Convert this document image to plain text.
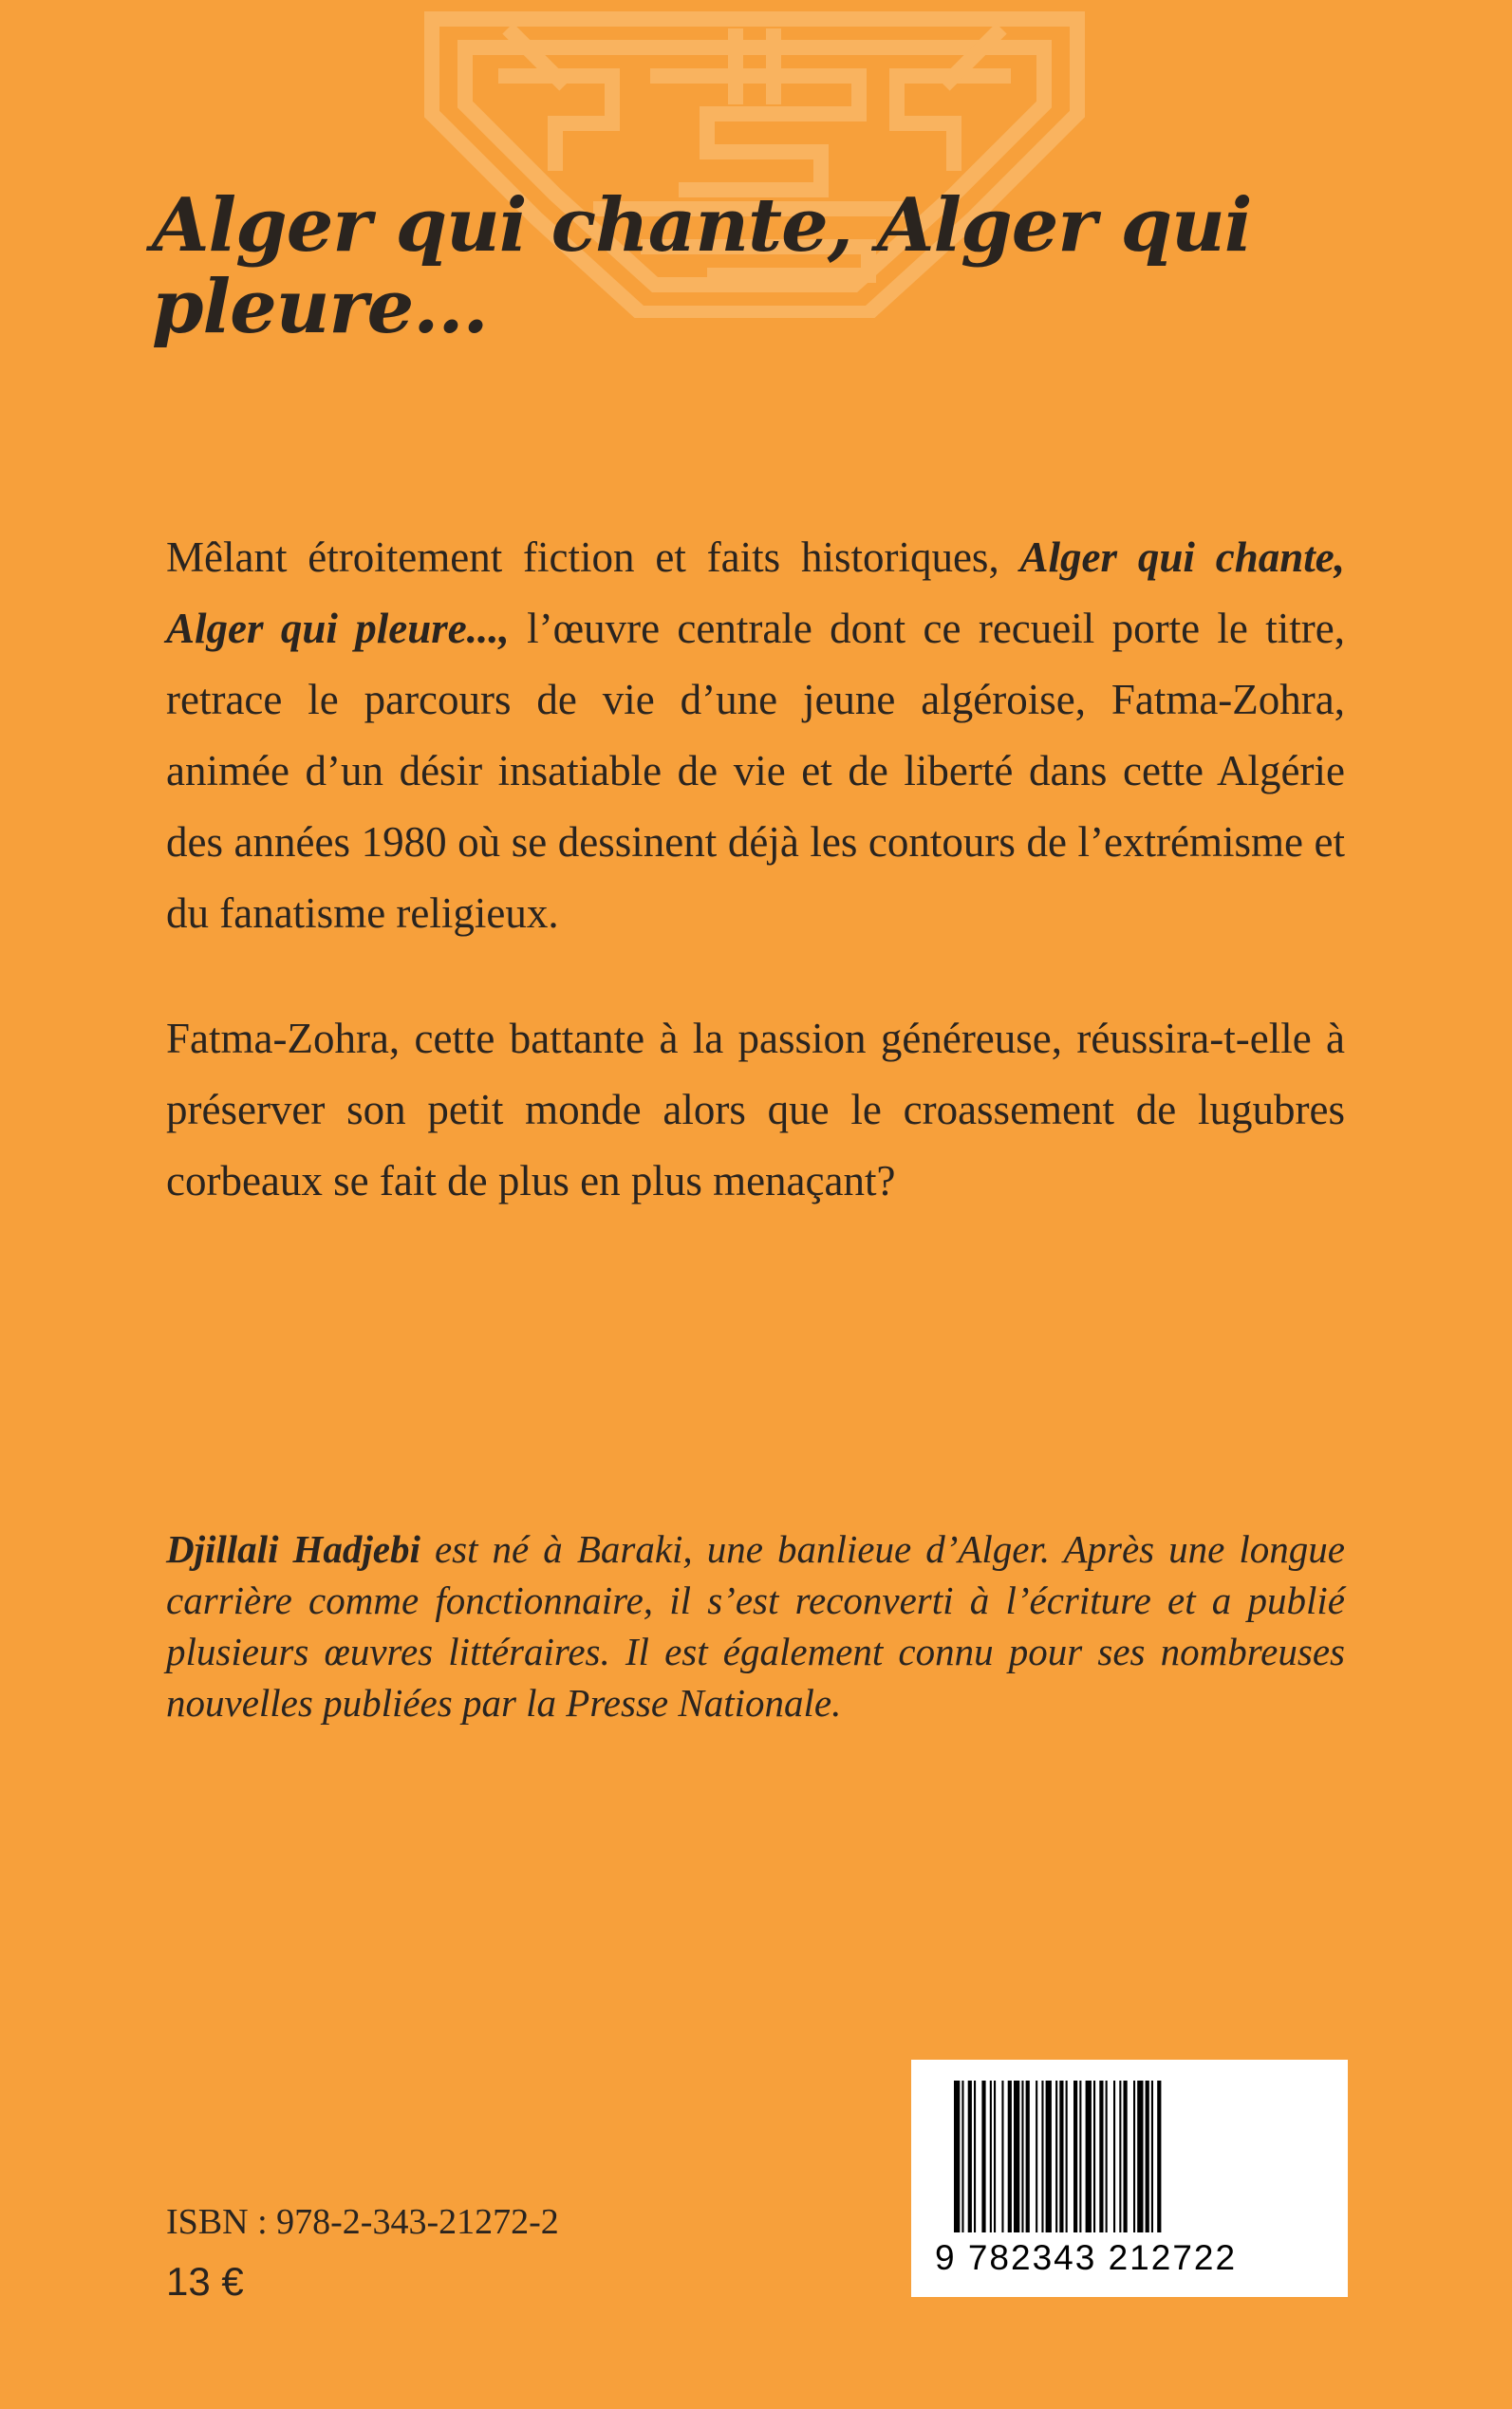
Alger qui chante, Alger qui pleure...

Mêlant étroitement fiction et faits historiques, Alger qui chante, Alger qui pleure..., l’œuvre centrale dont ce recueil porte le titre, retrace le parcours de vie d’une jeune algéroise, Fatma-Zohra, animée d’un désir insatiable de vie et de liberté dans cette Algérie des années 1980 où se dessinent déjà les contours de l’extrémisme et du fanatisme religieux.

Fatma-Zohra, cette battante à la passion généreuse, réussira-t-elle à préserver son petit monde alors que le croassement de lugubres corbeaux se fait de plus en plus menaçant?

Djillali Hadjebi est né à Baraki, une banlieue d’Alger. Après une longue carrière comme fonctionnaire, il s’est reconverti à l’écriture et a publié plusieurs œuvres littéraires. Il est également connu pour ses nombreuses nouvelles publiées par la Presse Nationale.

ISBN : 978-2-343-21272-2
13 €
9 782343 212722
